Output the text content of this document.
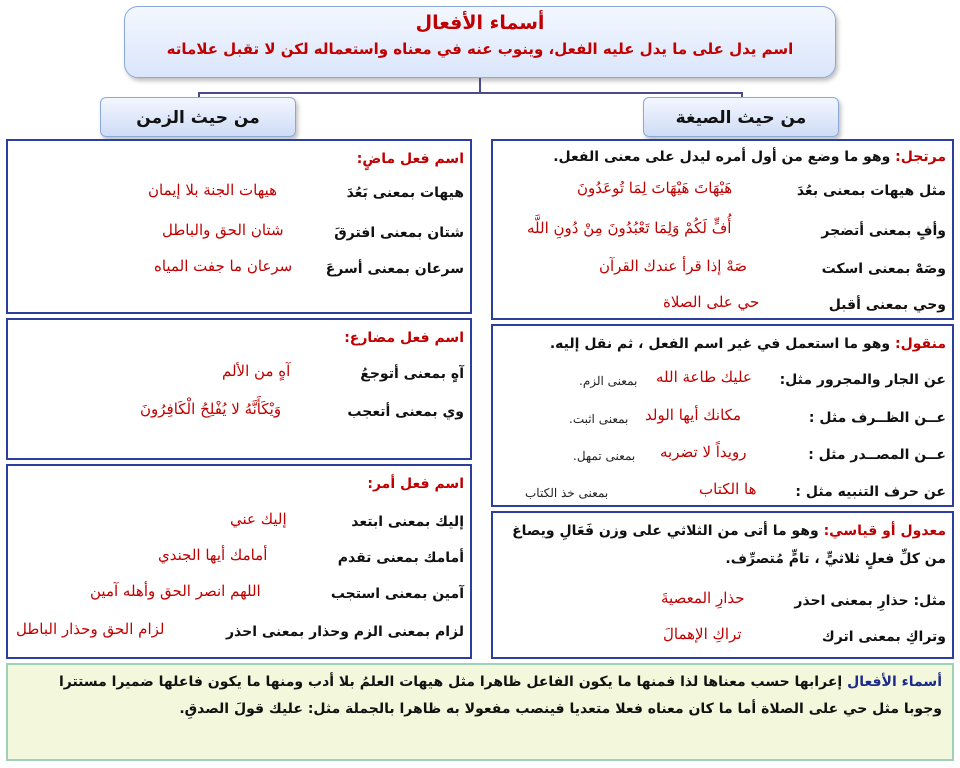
أسماء الأفعال
اسم يدل على ما يدل عليه الفعل، وينوب عنه في معناه واستعماله لكن لا تقبل علاماته
من حيث الصيغة
من حيث الزمن
مرتجل: وهو ما وضع من أول أمره ليدل على معنى الفعل.
مثل هيهات بمعنى بعُدَ
هَيْهَاتَ هَيْهَاتَ لِمَا تُوعَدُونَ
وأفٍ بمعنى أتضجر
أُفٍّ لَكُمْ وَلِمَا تَعْبُدُونَ مِنْ دُونِ اللَّه
وصَهْ بمعنى اسكت
صَهْ إذا قرأ عندك القرآن
وحي بمعنى أقبل
حي على الصلاة
منقول: وهو ما استعمل في غير اسم الفعل ، ثم نقل إليه.
عن الجار والمجرور مثل:
عليك طاعة الله
بمعنى الزم.
عــن الظــرف مثل :
مكانك أيها الولد
بمعنى اثبت.
عــن المصــدر مثل :
رويداً لا تضربه
بمعنى تمهل.
عن حرف التنبيه مثل :
ها الكتاب
بمعنى خذ الكتاب
معدول أو قياسي: وهو ما أتى من الثلاثي على وزن فَعَالِ ويصاغ
من كلِّ فعلٍ ثلاثيٍّ ، تامٍّ مُتصرِّف.
مثل: حذارِ بمعنى احذر
حذارِ المعصيةَ
وتراكِ بمعنى اترك
تراكِ الإهمالَ
اسم فعل ماضٍ:
هيهات بمعنى بَعُدَ
هيهات الجنة بلا إيمان
شتان بمعنى افترقَ
شتان الحق والباطل
سرعان بمعنى أسرعَ
سرعان ما جفت المياه
اسم فعل مضارع:
آهٍ بمعنى أتوجعُ
آهٍ من الألم
وي بمعنى أتعجب
وَيْكَأَنَّهُ لا يُفْلِحُ الْكَافِرُونَ
اسم فعل أمر:
إليك بمعنى ابتعد
إليك عني
أمامك بمعنى تقدم
أمامك أيها الجندي
آمين بمعنى استجب
اللهم انصر الحق وأهله آمين
لزام بمعنى الزم وحذار بمعنى احذر
لزام الحق وحذار الباطل
أسماء الأفعال إعرابها حسب معناها لذا فمنها ما يكون الفاعل ظاهرا مثل هيهات العلمُ بلا أدب ومنها ما يكون فاعلها ضميرا مستترا وجوبا مثل حي على الصلاة أما ما كان معناه فعلا متعديا فينصب مفعولا به ظاهرا بالجملة مثل: عليك قولَ الصدقِ.
